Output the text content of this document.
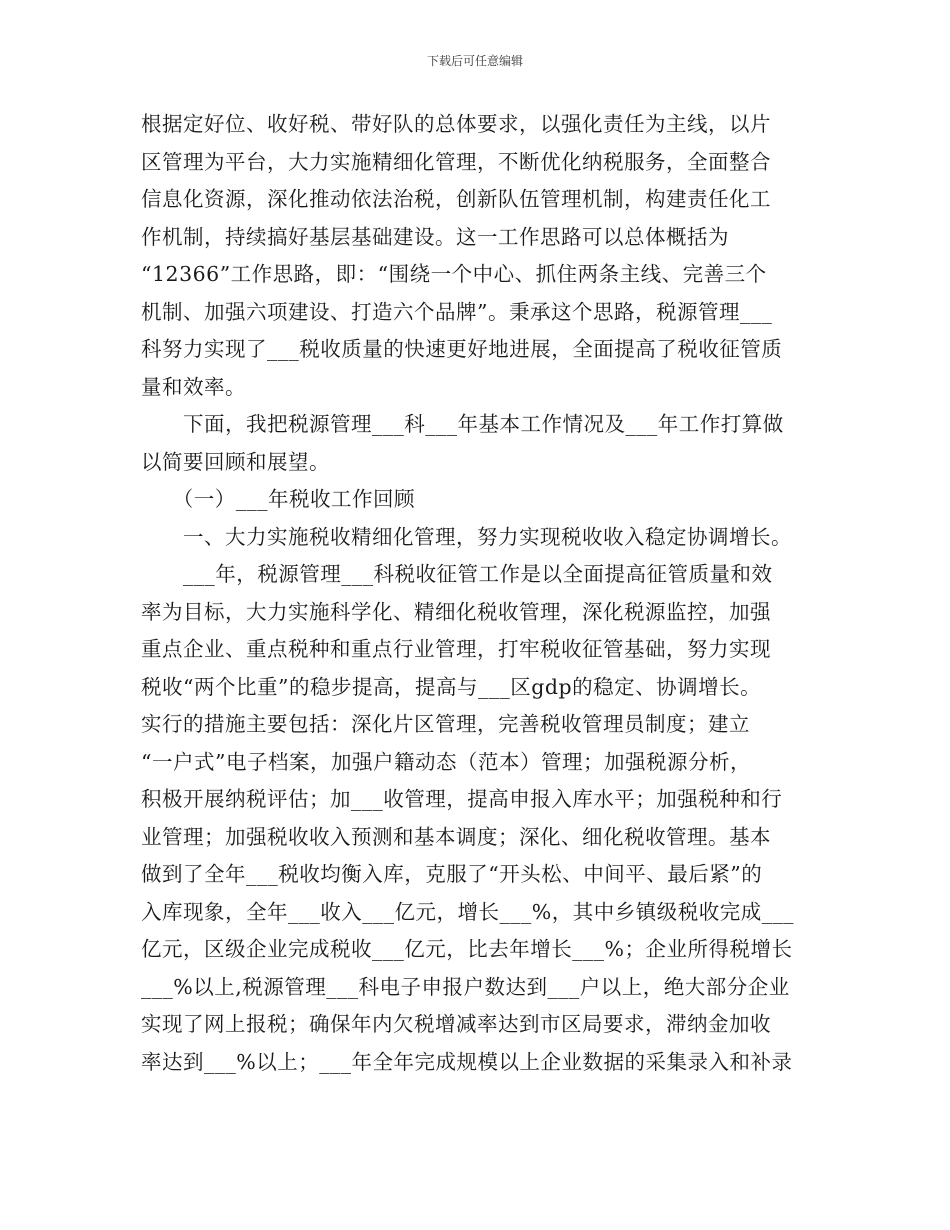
下载后可任意编辑
根据定好位、收好税、带好队的总体要求，以强化责任为主线，以片
区管理为平台，大力实施精细化管理，不断优化纳税服务，全面整合
信息化资源，深化推动依法治税，创新队伍管理机制，构建责任化工
作机制，持续搞好基层基础建设。这一工作思路可以总体概括为
“12366”工作思路，即：“围绕一个中心、抓住两条主线、完善三个
机制、加强六项建设、打造六个品牌”。秉承这个思路，税源管理___
科努力实现了___税收质量的快速更好地进展，全面提高了税收征管质
量和效率。
　　下面，我把税源管理___科___年基本工作情况及___年工作打算做
以简要回顾和展望。
　　（一）___年税收工作回顾
　　一、大力实施税收精细化管理，努力实现税收收入稳定协调增长。
　　___年，税源管理___科税收征管工作是以全面提高征管质量和效
率为目标，大力实施科学化、精细化税收管理，深化税源监控，加强
重点企业、重点税种和重点行业管理，打牢税收征管基础，努力实现
税收“两个比重”的稳步提高，提高与___区gdp的稳定、协调增长。
实行的措施主要包括：深化片区管理，完善税收管理员制度；建立
“一户式”电子档案，加强户籍动态（范本）管理；加强税源分析，
积极开展纳税评估；加___收管理，提高申报入库水平；加强税种和行
业管理；加强税收收入预测和基本调度；深化、细化税收管理。基本
做到了全年___税收均衡入库，克服了“开头松、中间平、最后紧”的
入库现象，全年___收入___亿元，增长___%，其中乡镇级税收完成___
亿元，区级企业完成税收___亿元，比去年增长___%；企业所得税增长
___%以上,税源管理___科电子申报户数达到___户以上，绝大部分企业
实现了网上报税；确保年内欠税增减率达到市区局要求，滞纳金加收
率达到___%以上；___年全年完成规模以上企业数据的采集录入和补录
